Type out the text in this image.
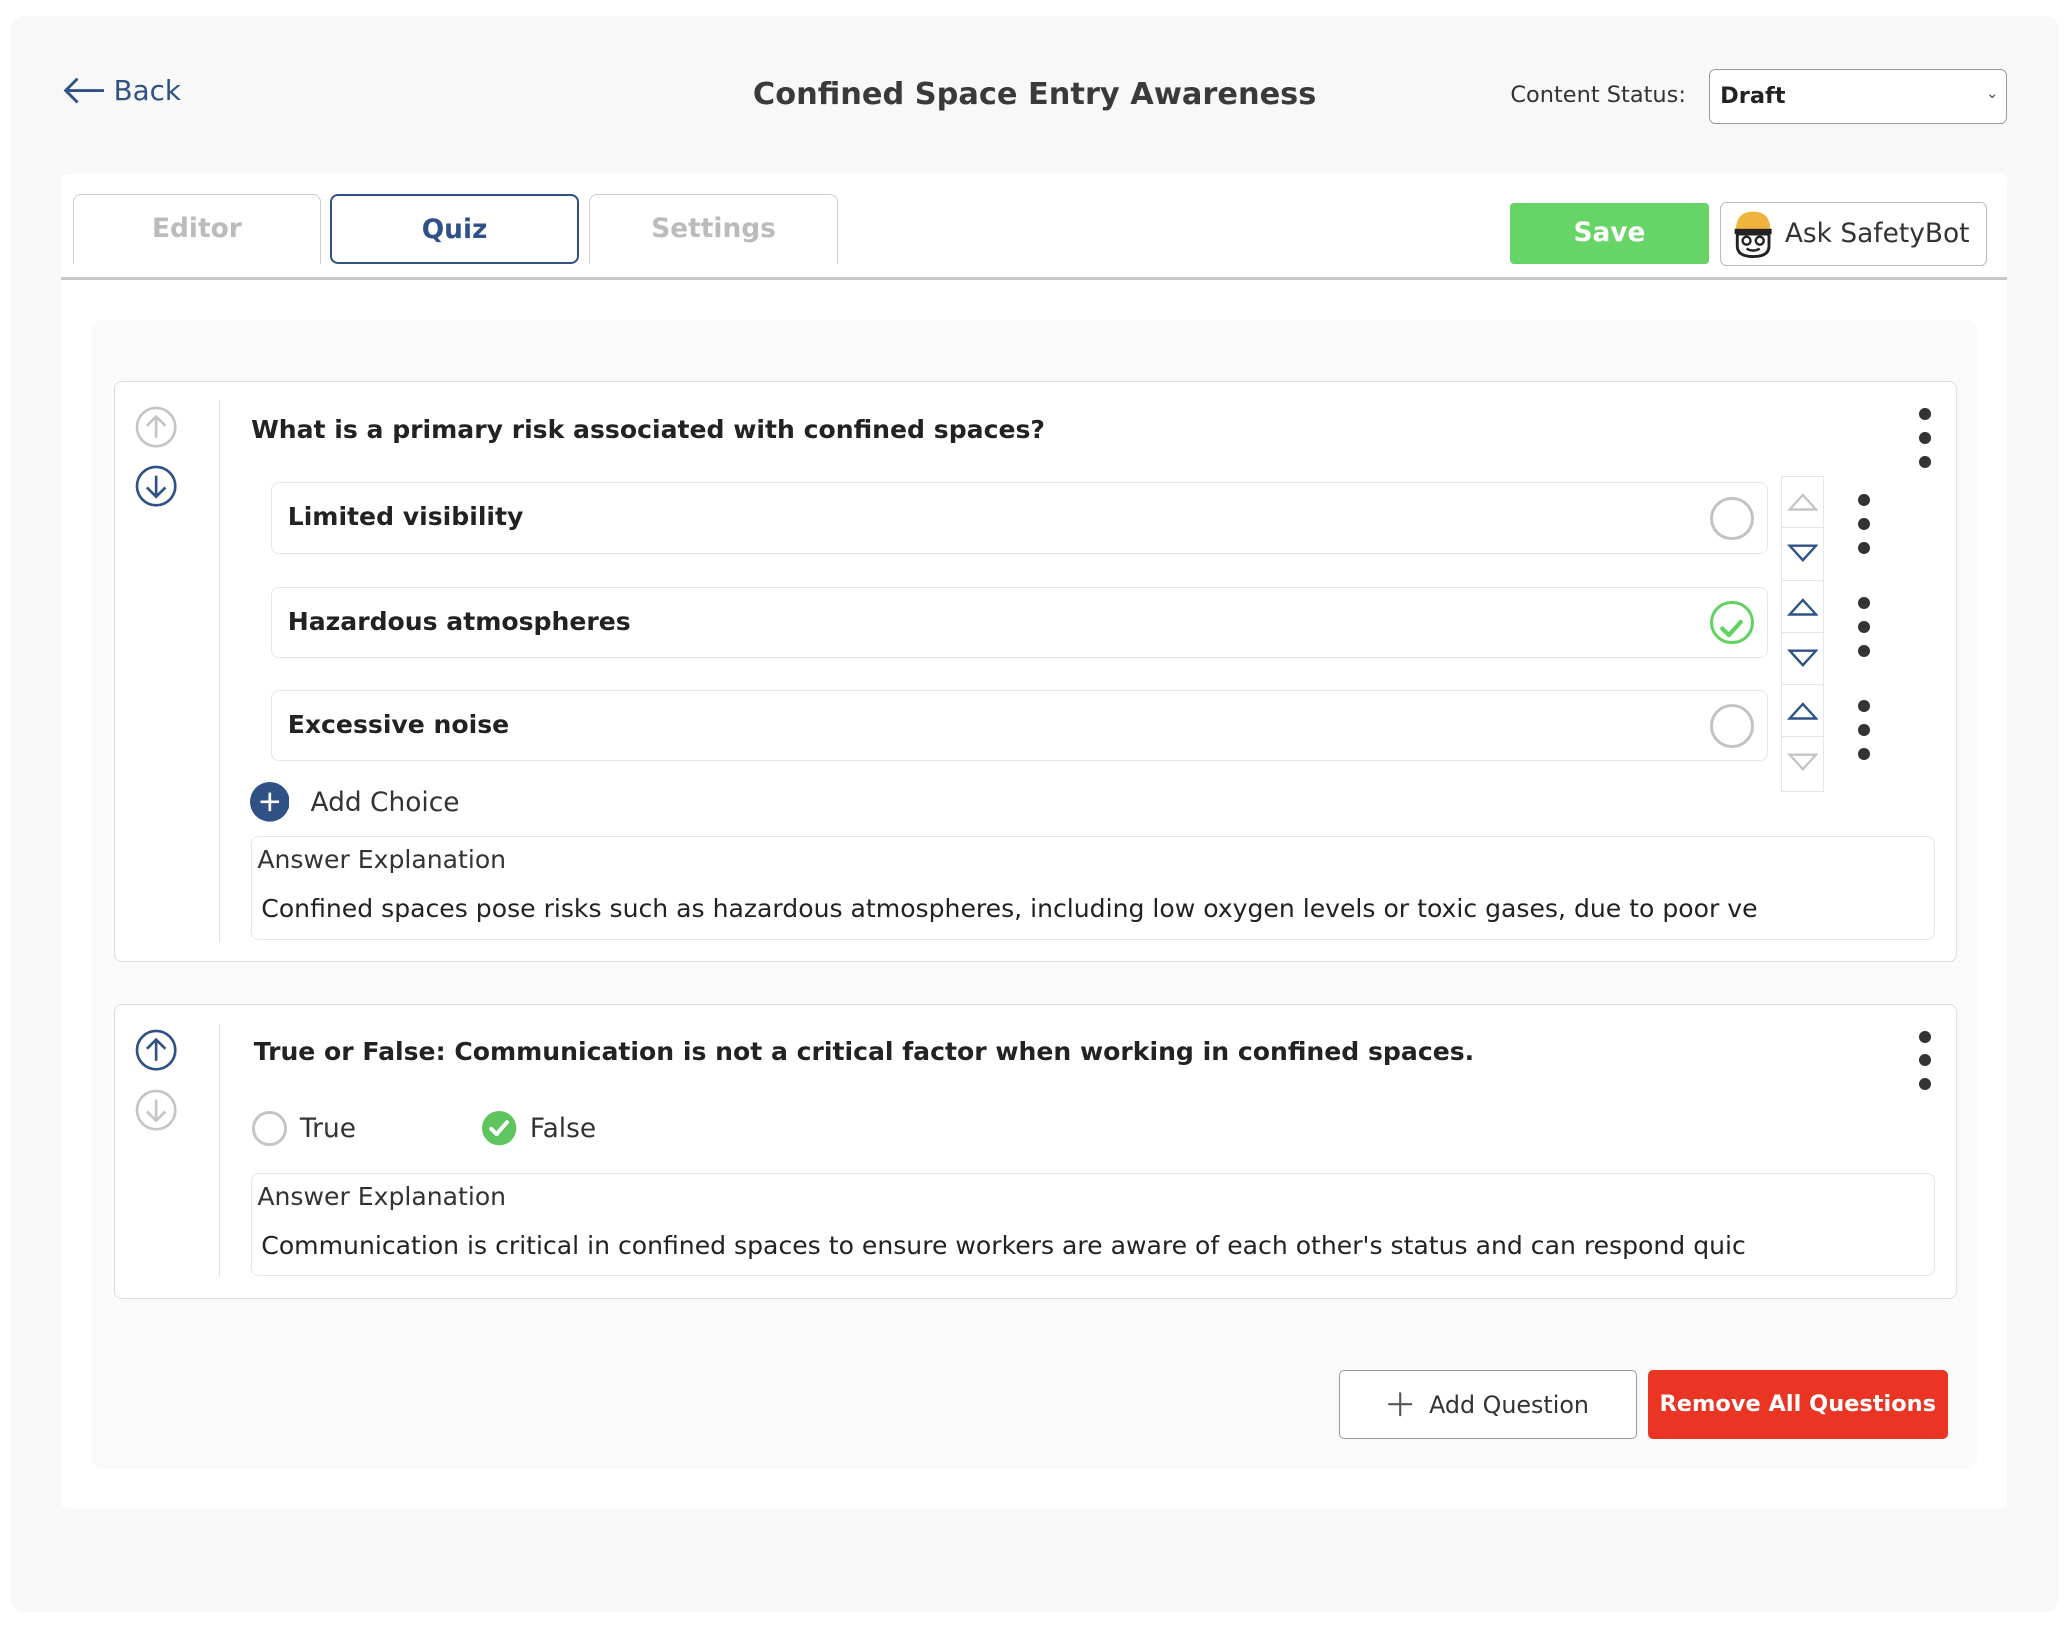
Back	Confined Space Entry Awareness	Content Status:	Draft	⌄
Editor	Quiz	Settings	Save	Ask SafetyBot
What is a primary risk associated with confined spaces?
Limited visibility
Hazardous atmospheres
Excessive noise
Add Choice
Answer Explanation
Confined spaces pose risks such as hazardous atmospheres, including low oxygen levels or toxic gases, due to poor ve
True or False: Communication is not a critical factor when working in confined spaces.
True	False
Answer Explanation
Communication is critical in confined spaces to ensure workers are aware of each other's status and can respond quic
Add Question	Remove All Questions
